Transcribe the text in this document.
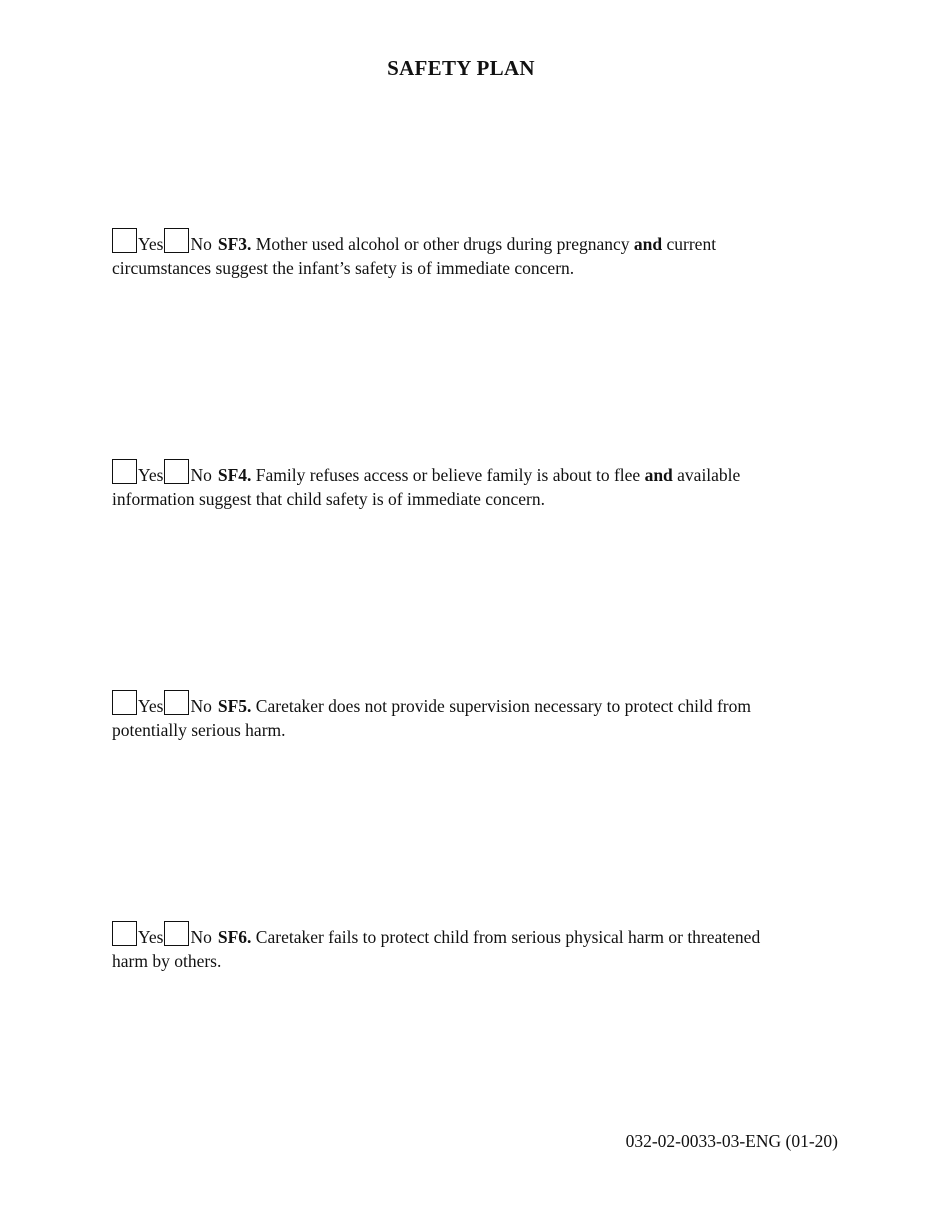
SAFETY PLAN
Yes No SF3. Mother used alcohol or other drugs during pregnancy and current
circumstances suggest the infant’s safety is of immediate concern.
Yes No SF4. Family refuses access or believe family is about to flee and available
information suggest that child safety is of immediate concern.
Yes No SF5. Caretaker does not provide supervision necessary to protect child from
potentially serious harm.
Yes No SF6. Caretaker fails to protect child from serious physical harm or threatened
harm by others.
032-02-0033-03-ENG (01-20)
